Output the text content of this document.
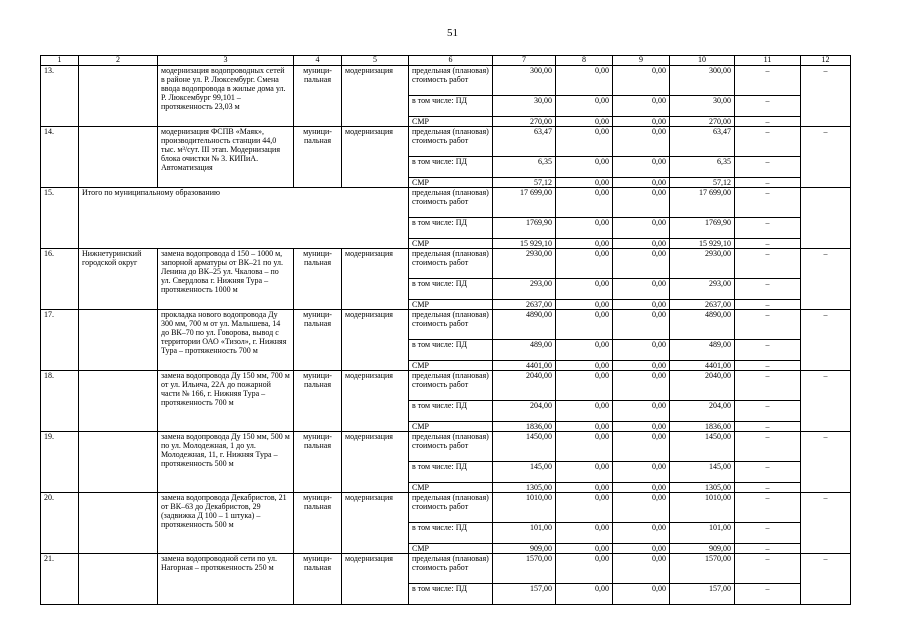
51
1	2	3	4	5	6	7	8	9	10	11	12
13.		модернизация водопроводных сетей в районе ул. Р. Люксембург. Смена ввода водопровода в жилые дома ул. Р. Люксембург 99,101 – протяженность 23,03 м	муници- пальная	модернизация	предельная (плановая) стоимость работ	300,00	0,00	0,00	300,00	–	–
					в том числе: ПД	30,00	0,00	0,00	30,00	–	
					СМР	270,00	0,00	0,00	270,00	–	
14.		модернизация ФСПВ «Маяк», производительность станции 44,0 тыс. м³/сут. III этап. Модернизация блока очистки № 3. КИПиА. Автоматизация	муници- пальная	модернизация	предельная (плановая) стоимость работ	63,47	0,00	0,00	63,47	–	–
					в том числе: ПД	6,35	0,00	0,00	6,35	–	
					СМР	57,12	0,00	0,00	57,12	–	
15.	Итого по муниципальному образованию				предельная (плановая) стоимость работ	17 699,00	0,00	0,00	17 699,00	–	
					в том числе: ПД	1769,90	0,00	0,00	1769,90	–	
					СМР	15 929,10	0,00	0,00	15 929,10	–	
16.	Нижнетуринский городской округ	замена водопровода d 150 – 1000 м, запорной арматуры от ВК–21 по ул. Ленина до ВК–25 ул. Чкалова – по ул. Свердлова г. Нижняя Тура – протяженность 1000 м	муници- пальная	модернизация	предельная (плановая) стоимость работ	2930,00	0,00	0,00	2930,00	–	–
					в том числе: ПД	293,00	0,00	0,00	293,00	–	
					СМР	2637,00	0,00	0,00	2637,00	–	
17.		прокладка нового водопровода Ду 300 мм, 700 м от ул. Малышева, 14 до ВК–70 по ул. Говорова, вывод с территории ОАО «Тизол», г. Нижняя Тура – протяженность 700 м	муници- пальная	модернизация	предельная (плановая) стоимость работ	4890,00	0,00	0,00	4890,00	–	–
					в том числе: ПД	489,00	0,00	0,00	489,00	–	
					СМР	4401,00	0,00	0,00	4401,00	–	
18.		замена водопровода Ду 150 мм, 700 м от ул. Ильича, 22А до пожарной части № 166, г. Нижняя Тура – протяженность 700 м	муници- пальная	модернизация	предельная (плановая) стоимость работ	2040,00	0,00	0,00	2040,00	–	–
					в том числе: ПД	204,00	0,00	0,00	204,00	–	
					СМР	1836,00	0,00	0,00	1836,00	–	
19.		замена водопровода Ду 150 мм, 500 м по ул. Молодежная, 1 до ул. Молодежная, 11, г. Нижняя Тура – протяженность 500 м	муници- пальная	модернизация	предельная (плановая) стоимость работ	1450,00	0,00	0,00	1450,00	–	–
					в том числе: ПД	145,00	0,00	0,00	145,00	–	
					СМР	1305,00	0,00	0,00	1305,00	–	
20.		замена водопровода Декабристов, 21 от ВК–63 до Декабристов, 29 (задвижка Д 100 – 1 штука) – протяженность 500 м	муници- пальная	модернизация	предельная (плановая) стоимость работ	1010,00	0,00	0,00	1010,00	–	–
					в том числе: ПД	101,00	0,00	0,00	101,00	–	
					СМР	909,00	0,00	0,00	909,00	–	
21.		замена водопроводной сети по ул. Нагорная – протяженность 250 м	муници- пальная	модернизация	предельная (плановая) стоимость работ	1570,00	0,00	0,00	1570,00	–	–
					в том числе: ПД	157,00	0,00	0,00	157,00	–	
